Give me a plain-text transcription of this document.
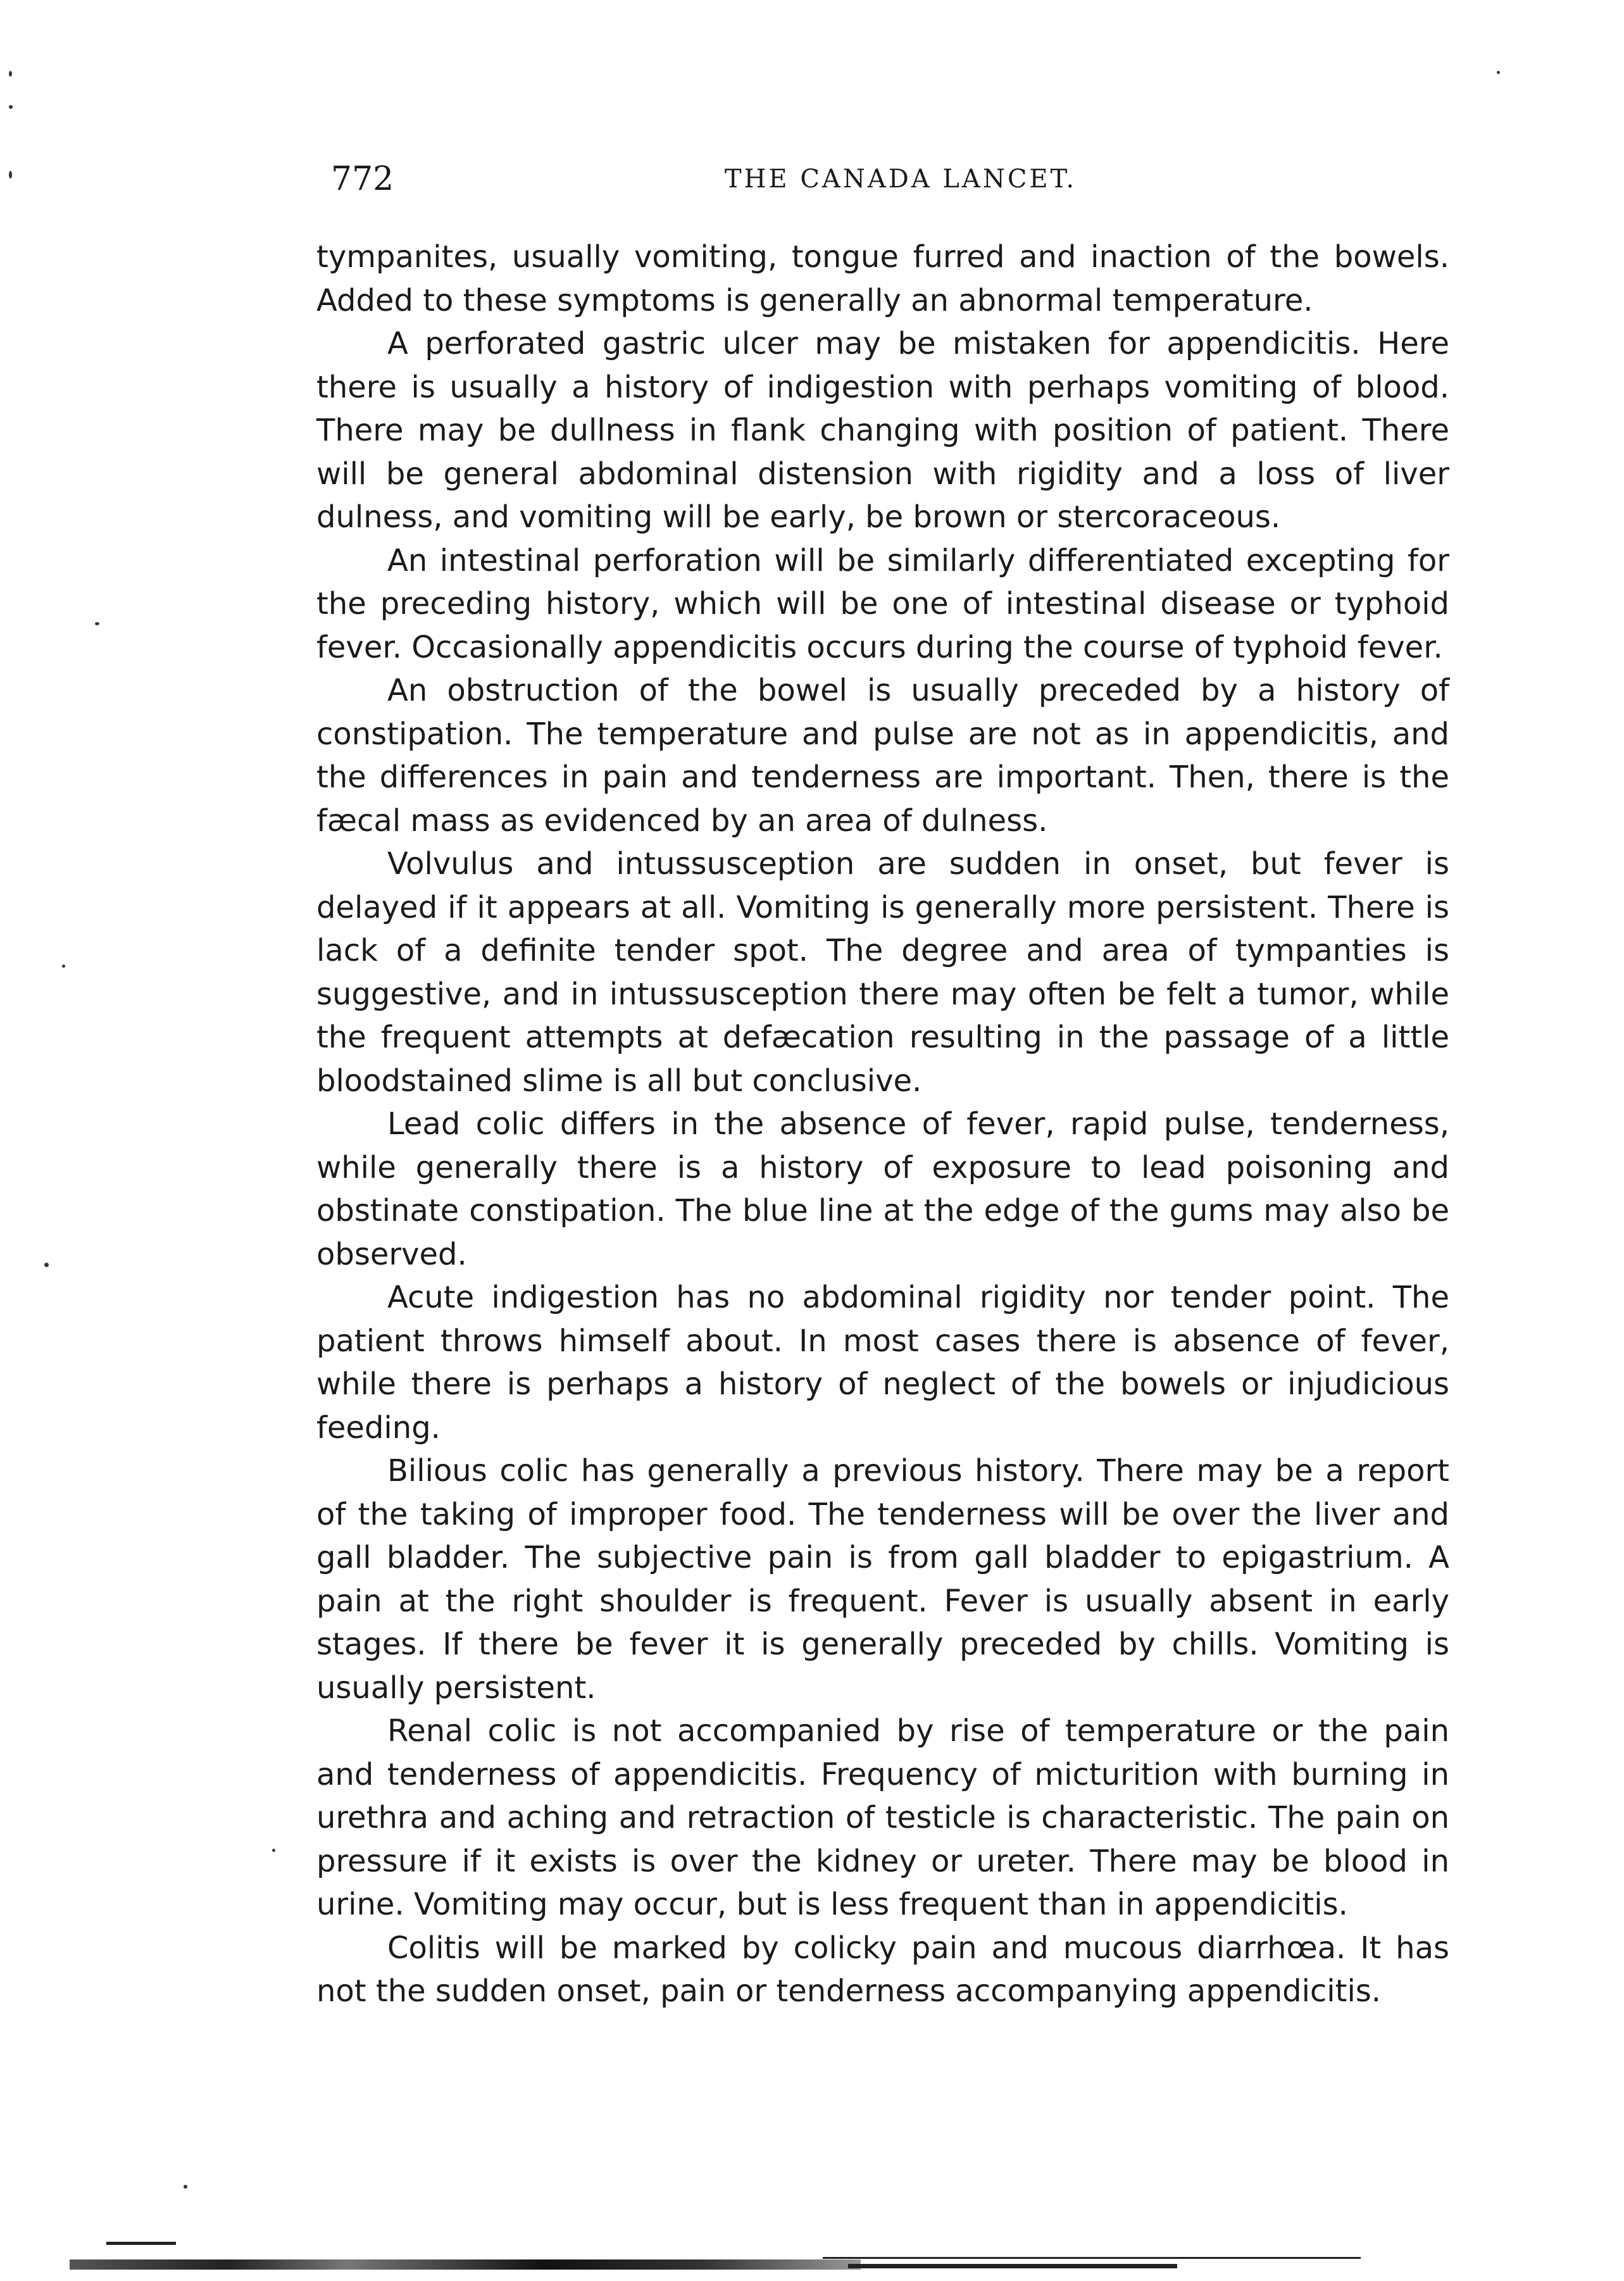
772	THE CANADA LANCET.

tympanites, usually vomiting, tongue furred and inaction of the bowels. Added to these symptoms is generally an abnormal temperature.

A perforated gastric ulcer may be mistaken for appendicitis. Here there is usually a history of indigestion with perhaps vomiting of blood. There may be dullness in flank changing with position of patient. There will be general abdominal distension with rigidity and a loss of liver dulness, and vomiting will be early, be brown or stercoraceous.

An intestinal perforation will be similarly differentiated excepting for the preceding history, which will be one of intestinal disease or typhoid fever. Occasionally appendicitis occurs during the course of typhoid fever.

An obstruction of the bowel is usually preceded by a history of constipation. The temperature and pulse are not as in appendicitis, and the differences in pain and tenderness are important. Then, there is the fæcal mass as evidenced by an area of dulness.

Volvulus and intussusception are sudden in onset, but fever is delayed if it appears at all. Vomiting is generally more persistent. There is lack of a definite tender spot. The degree and area of tympanties is suggestive, and in intussusception there may often be felt a tumor, while the frequent attempts at defæcation resulting in the passage of a little bloodstained slime is all but conclusive.

Lead colic differs in the absence of fever, rapid pulse, tenderness, while generally there is a history of exposure to lead poisoning and obstinate constipation. The blue line at the edge of the gums may also be observed.

Acute indigestion has no abdominal rigidity nor tender point. The patient throws himself about. In most cases there is absence of fever, while there is perhaps a history of neglect of the bowels or injudicious feeding.

Bilious colic has generally a previous history. There may be a report of the taking of improper food. The tenderness will be over the liver and gall bladder. The subjective pain is from gall bladder to epigastrium. A pain at the right shoulder is frequent. Fever is usually absent in early stages. If there be fever it is generally preceded by chills. Vomiting is usually persistent.

Renal colic is not accompanied by rise of temperature or the pain and tenderness of appendicitis. Frequency of micturition with burning in urethra and aching and retraction of testicle is characteristic. The pain on pressure if it exists is over the kidney or ureter. There may be blood in urine. Vomiting may occur, but is less frequent than in appendicitis.

Colitis will be marked by colicky pain and mucous diarrhœa. It has not the sudden onset, pain or tenderness accompanying appendicitis.
